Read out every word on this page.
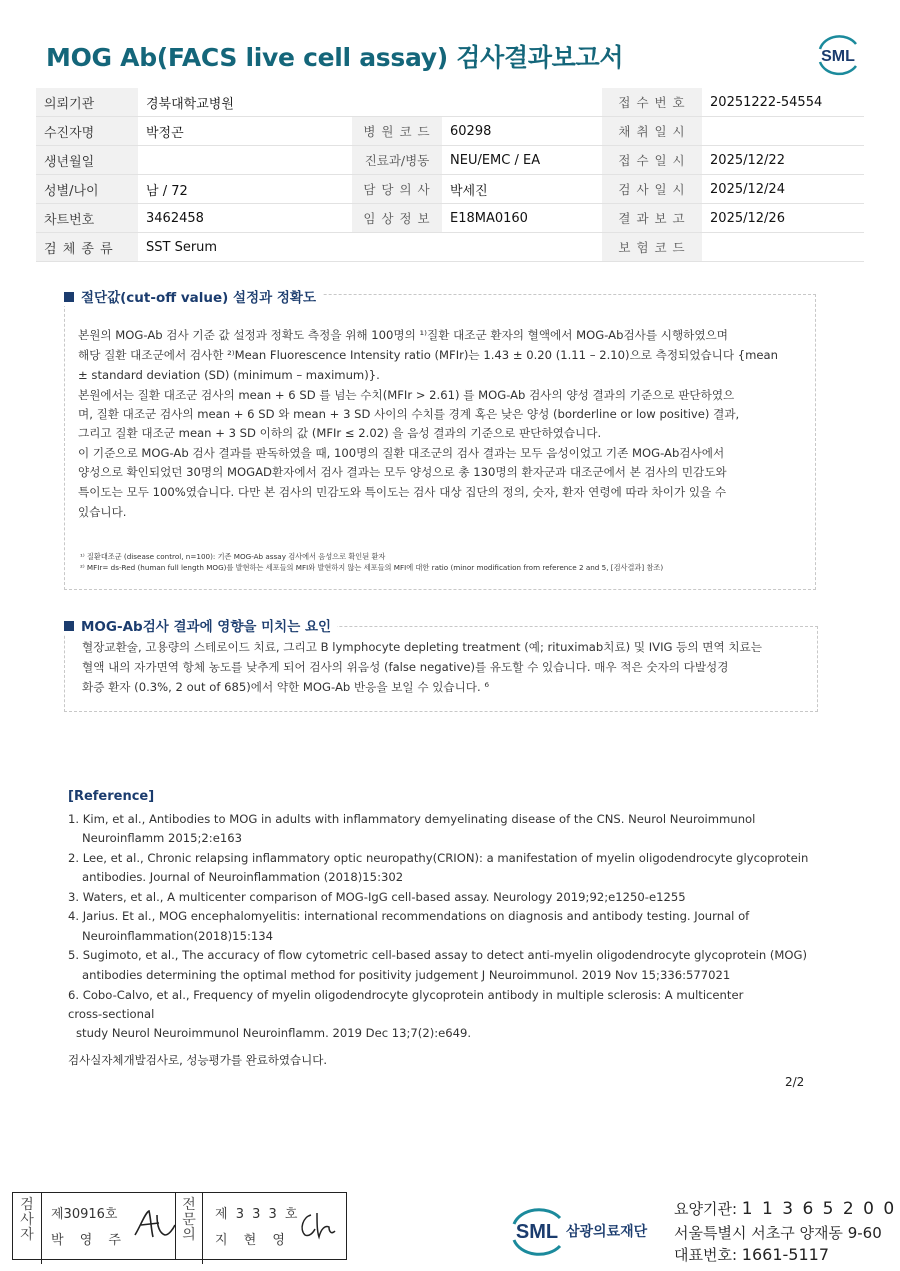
MOG Ab(FACS live cell assay) 검사결과보고서	SML
의뢰기관	경북대학교병원			접 수 번 호	20251222-54554
수진자명	박정곤	병 원 코 드	60298	채 취 일 시	
생년월일		진료과/병동	NEU/EMC / EA	접 수 일 시	2025/12/22
성별/나이	남 / 72	담 당 의 사	박세진	검 사 일 시	2025/12/24
차트번호	3462458	임 상 정 보	E18MA0160	결 과 보 고	2025/12/26
검 체 종 류	SST Serum			보 험 코 드	
절단값(cut-off value) 설정과 정확도
본원의 MOG-Ab 검사 기준 값 설정과 정확도 측정을 위해 100명의 ¹⁾질환 대조군 환자의 혈액에서 MOG-Ab검사를 시행하였으며
해당 질환 대조군에서 검사한 ²⁾Mean Fluorescence Intensity ratio (MFIr)는 1.43 ± 0.20 (1.11 – 2.10)으로 측정되었습니다 {mean
± standard deviation (SD) (minimum – maximum)}.
본원에서는 질환 대조군 검사의 mean + 6 SD 를 넘는 수치(MFIr > 2.61) 를 MOG-Ab 검사의 양성 결과의 기준으로 판단하였으
며, 질환 대조군 검사의 mean + 6 SD 와 mean + 3 SD 사이의 수치를 경계 혹은 낮은 양성 (borderline or low positive) 결과,
그리고 질환 대조군 mean + 3 SD 이하의 값 (MFIr ≤ 2.02) 을 음성 결과의 기준으로 판단하였습니다.
이 기준으로 MOG-Ab 검사 결과를 판독하였을 때, 100명의 질환 대조군의 검사 결과는 모두 음성이었고 기존 MOG-Ab검사에서
양성으로 확인되었던 30명의 MOGAD환자에서 검사 결과는 모두 양성으로 총 130명의 환자군과 대조군에서 본 검사의 민감도와
특이도는 모두 100%였습니다. 다만 본 검사의 민감도와 특이도는 검사 대상 집단의 정의, 숫자, 환자 연령에 따라 차이가 있을 수
있습니다.
¹⁾ 질환대조군 (disease control, n=100): 기존 MOG-Ab assay 검사에서 음성으로 확인된 환자
²⁾ MFIr= ds-Red (human full length MOG)를 발현하는 세포들의 MFI와 발현하지 않는 세포들의 MFI에 대한 ratio (minor modification from reference 2 and 5, [검사결과] 참조)
MOG-Ab검사 결과에 영향을 미치는 요인
혈장교환술, 고용량의 스테로이드 치료, 그리고 B lymphocyte depleting treatment (예; rituximab치료) 및 IVIG 등의 면역 치료는
혈액 내의 자가면역 항체 농도를 낮추게 되어 검사의 위음성 (false negative)를 유도할 수 있습니다. 매우 적은 숫자의 다발성경
화증 환자 (0.3%, 2 out of 685)에서 약한 MOG-Ab 반응을 보일 수 있습니다. ⁶
[Reference]
1. Kim, et al., Antibodies to MOG in adults with inflammatory demyelinating disease of the CNS. Neurol Neuroimmunol
Neuroinflamm 2015;2:e163
2. Lee, et al., Chronic relapsing inflammatory optic neuropathy(CRION): a manifestation of myelin oligodendrocyte glycoprotein
antibodies. Journal of Neuroinflammation (2018)15:302
3. Waters, et al., A multicenter comparison of MOG-IgG cell-based assay. Neurology 2019;92;e1250-e1255
4. Jarius. Et al., MOG encephalomyelitis: international recommendations on diagnosis and antibody testing. Journal of
Neuroinflammation(2018)15:134
5. Sugimoto, et al., The accuracy of flow cytometric cell-based assay to detect anti-myelin oligodendrocyte glycoprotein (MOG)
antibodies determining the optimal method for positivity judgement J Neuroimmunol. 2019 Nov 15;336:577021
6. Cobo-Calvo, et al., Frequency of myelin oligodendrocyte glycoprotein antibody in multiple sclerosis: A multicenter
cross-sectional
study Neurol Neuroimmunol Neuroinflamm. 2019 Dec 13;7(2):e649.
검사실자체개발검사로, 성능평가를 완료하였습니다.
2/2
검사자
제30916호
박 영 주
전문의
제 3 3 3 호
지 현 영	SML 삼광의료재단
요양기관: 1 1 3 6 5 2 0 0
서울특별시 서초구 양재동 9-60
대표번호: 1661-5117
